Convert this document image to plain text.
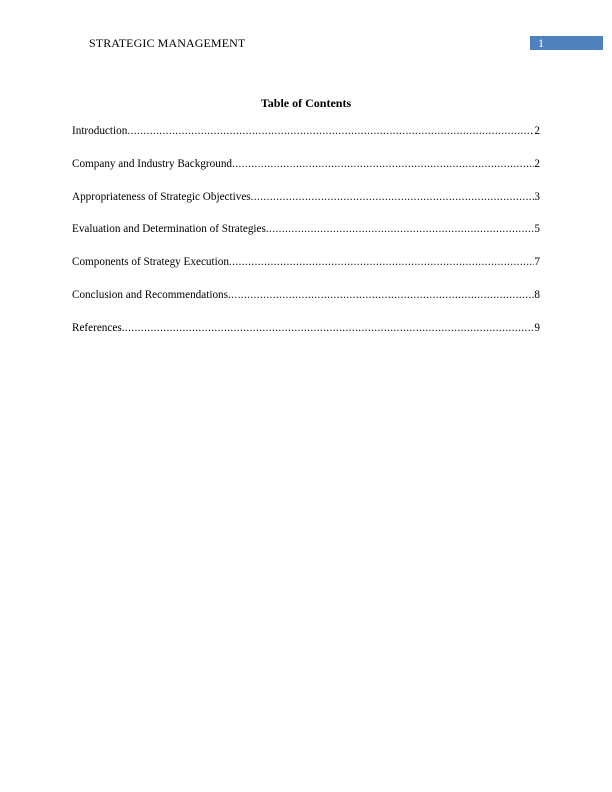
STRATEGIC MANAGEMENT	1
Table of Contents
Introduction .....	2
Company and Industry Background .....	2
Appropriateness of Strategic Objectives .....	3
Evaluation and Determination of Strategies .....	5
Components of Strategy Execution .....	7
Conclusion and Recommendations .....	8
References .....	9
